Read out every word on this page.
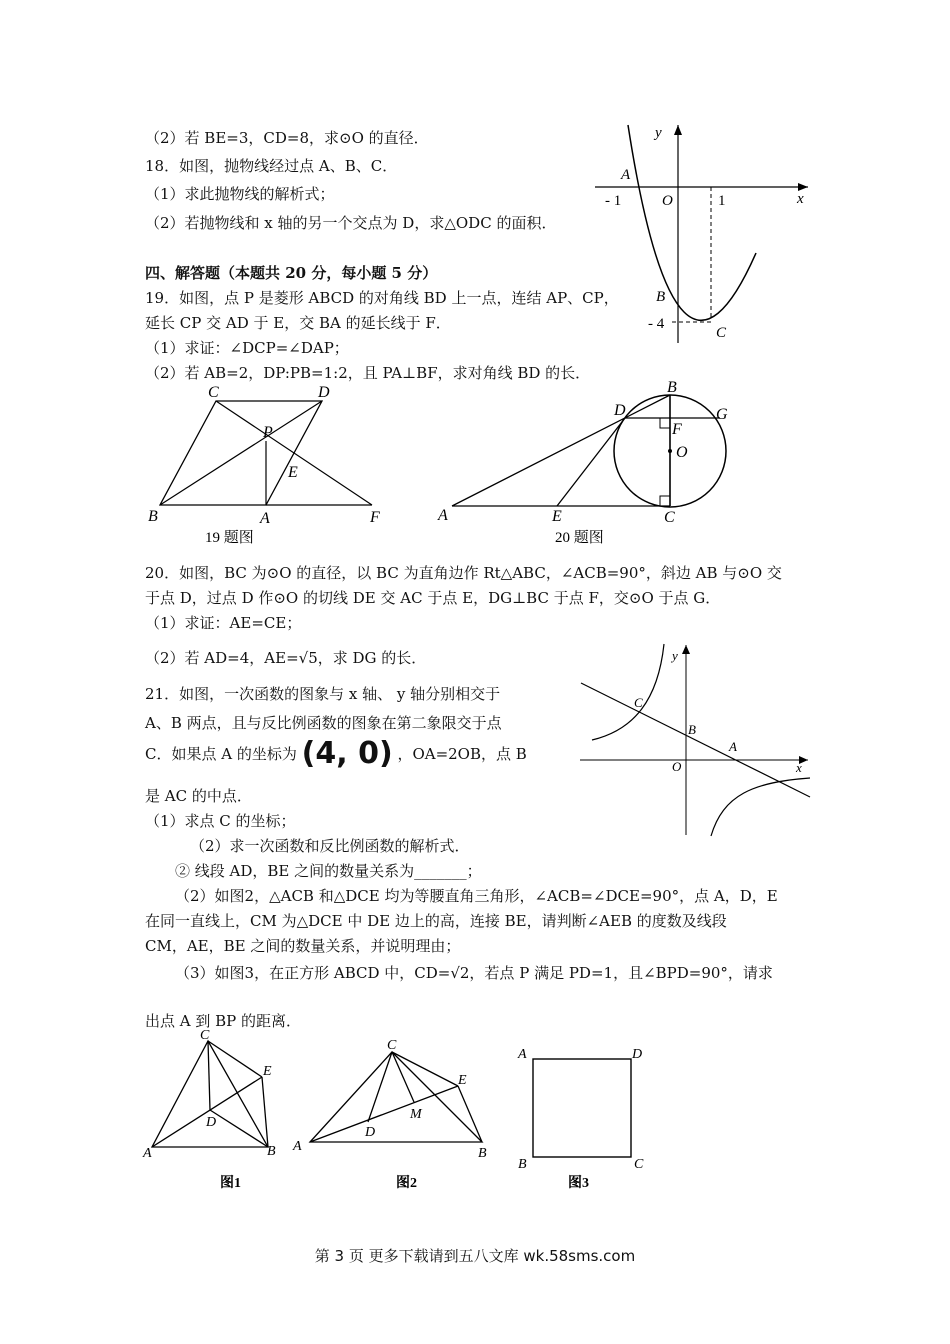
（2）若 BE=3，CD=8，求⊙O 的直径．
18．如图，抛物线经过点 A、B、C．
（1）求此抛物线的解析式；
（2）若抛物线和 x 轴的另一个交点为 D，求△ODC 的面积．
四、解答题（本题共 20 分，每小题 5 分）
19．如图，点 P 是菱形 ABCD 的对角线 BD 上一点，连结 AP、CP，
延长 CP 交 AD 于 E，交 BA 的延长线于 F．
（1）求证：∠DCP=∠DAP；
（2）若 AB=2，DP:PB=1:2，且 PA⊥BF，求对角线 BD 的长．
20．如图，BC 为⊙O 的直径，以 BC 为直角边作 Rt△ABC，∠ACB=90°，斜边 AB 与⊙O 交
于点 D，过点 D 作⊙O 的切线 DE 交 AC 于点 E，DG⊥BC 于点 F，交⊙O 于点 G．
（1）求证：AE=CE；
（2）若 AD=4，AE=√5，求 DG 的长．
21．如图，一次函数的图象与 x 轴、 y 轴分别相交于
A、B 两点，且与反比例函数的图象在第二象限交于点
C．如果点 A 的坐标为 (4, 0) ，OA=2OB，点 B
是 AC 的中点．
（1）求点 C 的坐标；
（2）求一次函数和反比例函数的解析式．
② 线段 AD，BE 之间的数量关系为_______；
（2）如图2，△ACB 和△DCE 均为等腰直角三角形，∠ACB=∠DCE=90°，点 A，D，E
在同一直线上，CM 为△DCE 中 DE 边上的高，连接 BE，请判断∠AEB 的度数及线段
CM，AE，BE 之间的数量关系，并说明理由；
（3）如图3，在正方形 ABCD 中，CD=√2，若点 P 满足 PD=1，且∠BPD=90°，请求
出点 A 到 BP 的距离．
y
x
A
O
- 1	1
B
- 4
C
C	D
P
E
B	A	F
19 题图
B
D	G
F
O
A	E	C
20 题图
y
x
C
B
A
O
C
E
D
A	B
图1
C
E
M
D
A	B
图2
A	D
B	C
图3
第 3 页 更多下载请到五八文库 wk.58sms.com
